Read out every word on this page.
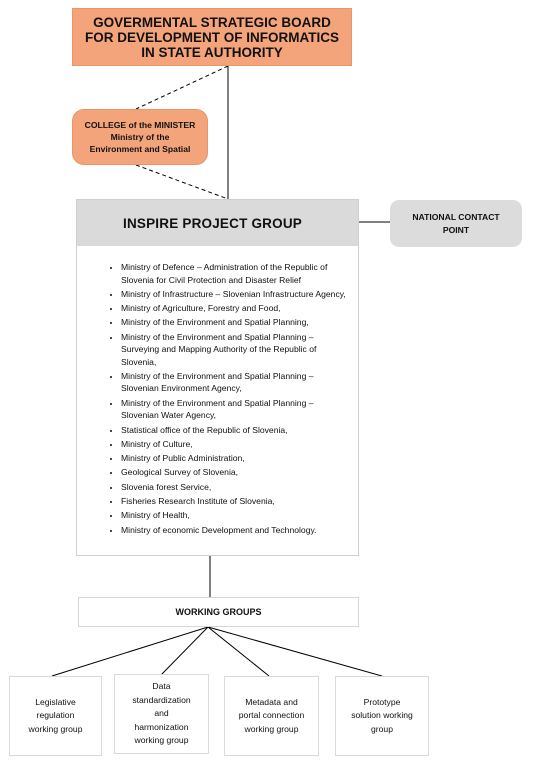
GOVERMENTAL STRATEGIC BOARD
FOR DEVELOPMENT OF INFORMATICS
IN STATE AUTHORITY
COLLEGE of the MINISTER
Ministry of the
Environment and Spatial
NATIONAL CONTACT
POINT
INSPIRE PROJECT GROUP
• Ministry of Defence – Administration of the Republic of Slovenia for Civil Protection and Disaster Relief
• Ministry of Infrastructure – Slovenian Infrastructure Agency,
• Ministry of Agriculture, Forestry and Food,
• Ministry of the Environment and Spatial Planning,
• Ministry of the Environment and Spatial Planning – Surveying and Mapping Authority of the Republic of Slovenia,
• Ministry of the Environment and Spatial Planning – Slovenian Environment Agency,
• Ministry of the Environment and Spatial Planning – Slovenian Water Agency,
• Statistical office of the Republic of Slovenia,
• Ministry of Culture,
• Ministry of Public Administration,
• Geological Survey of Slovenia,
• Slovenia forest Service,
• Fisheries Research Institute of Slovenia,
• Ministry of Health,
• Ministry of economic Development and Technology.
WORKING GROUPS
Legislative
regulation
working group
Data
standardization
and
harmonization
working group
Metadata and
portal connection
working group
Prototype
solution working
group
